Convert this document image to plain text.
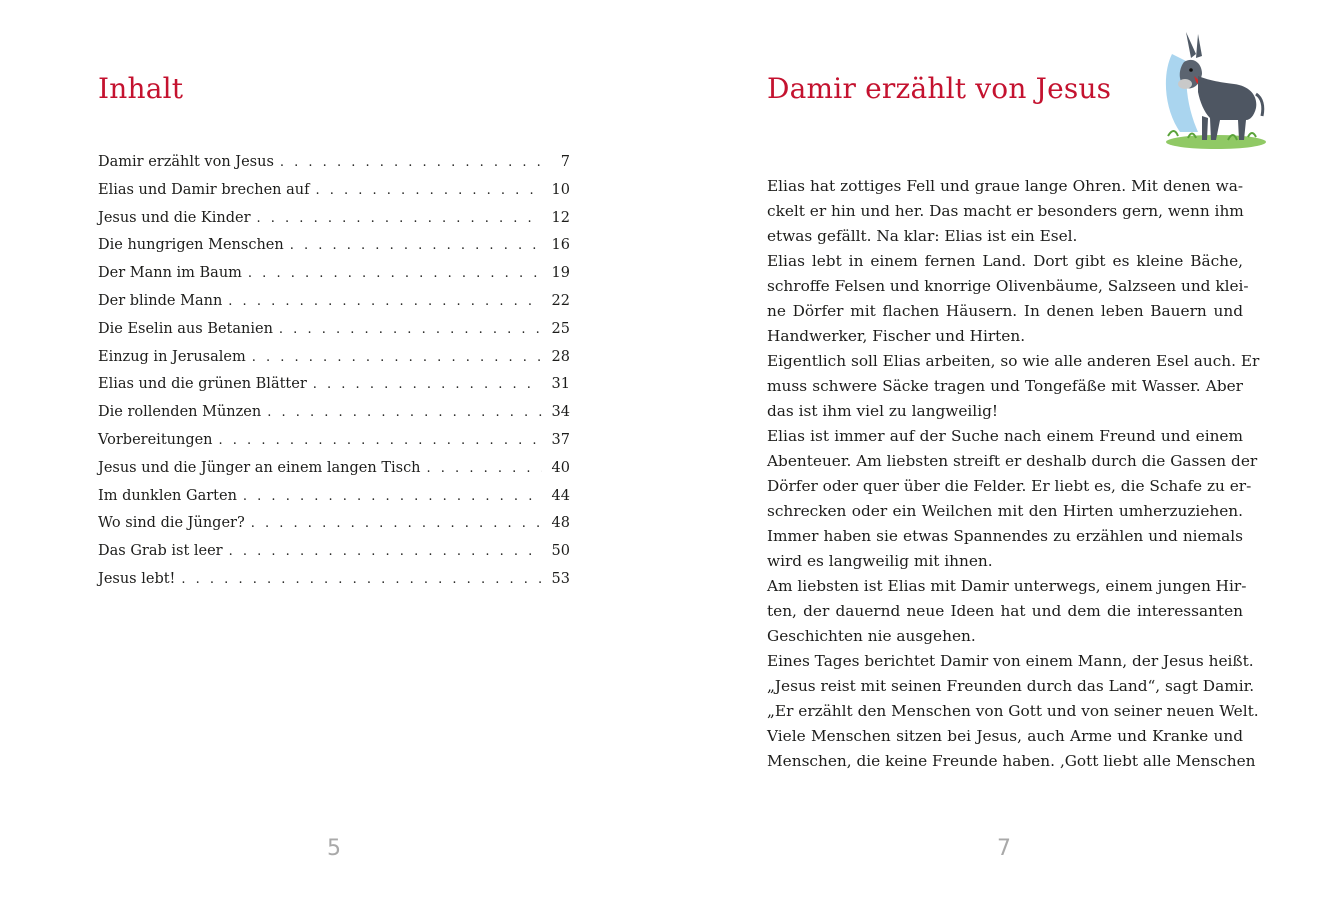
Inhalt
Damir erzählt von Jesus . . .	7
Elias und Damir brechen auf . . .	10
Jesus und die Kinder . . .	12
Die hungrigen Menschen . . .	16
Der Mann im Baum . . .	19
Der blinde Mann . . .	22
Die Eselin aus Betanien . . .	25
Einzug in Jerusalem . . .	28
Elias und die grünen Blätter . . .	31
Die rollenden Münzen . . .	34
Vorbereitungen . . .	37
Jesus und die Jünger an einem langen Tisch . . .	40
Im dunklen Garten . . .	44
Wo sind die Jünger? . . .	48
Das Grab ist leer . . .	50
Jesus lebt! . . .	53
5
Damir erzählt von Jesus
Elias hat zottiges Fell und graue lange Ohren. Mit denen wa-
ckelt er hin und her. Das macht er besonders gern, wenn ihm
etwas gefällt. Na klar: Elias ist ein Esel.
Elias lebt in einem fernen Land. Dort gibt es kleine Bäche,
schroffe Felsen und knorrige Olivenbäume, Salzseen und klei-
ne Dörfer mit flachen Häusern. In denen leben Bauern und
Handwerker, Fischer und Hirten.
Eigentlich soll Elias arbeiten, so wie alle anderen Esel auch. Er
muss schwere Säcke tragen und Tongefäße mit Wasser. Aber
das ist ihm viel zu langweilig!
Elias ist immer auf der Suche nach einem Freund und einem
Abenteuer. Am liebsten streift er deshalb durch die Gassen der
Dörfer oder quer über die Felder. Er liebt es, die Schafe zu er-
schrecken oder ein Weilchen mit den Hirten umherzuziehen.
Immer haben sie etwas Spannendes zu erzählen und niemals
wird es langweilig mit ihnen.
Am liebsten ist Elias mit Damir unterwegs, einem jungen Hir-
ten, der dauernd neue Ideen hat und dem die interessanten
Geschichten nie ausgehen.
Eines Tages berichtet Damir von einem Mann, der Jesus heißt.
„Jesus reist mit seinen Freunden durch das Land“, sagt Damir.
„Er erzählt den Menschen von Gott und von seiner neuen Welt.
Viele Menschen sitzen bei Jesus, auch Arme und Kranke und
Menschen, die keine Freunde haben. ‚Gott liebt alle Menschen
7
